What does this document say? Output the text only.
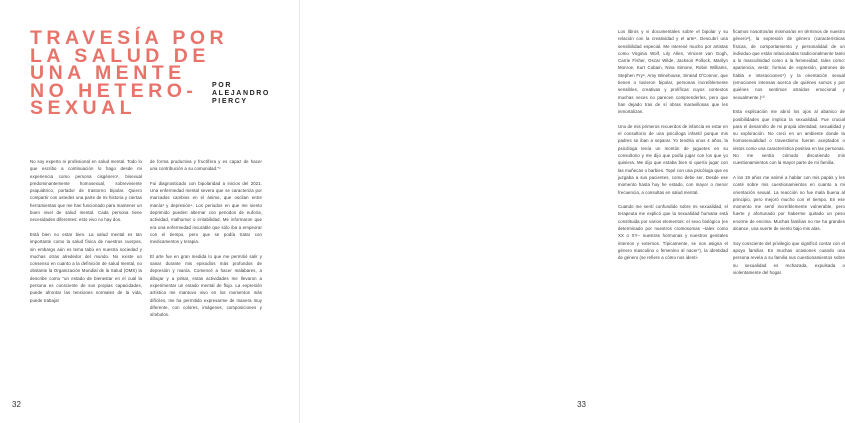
TRAVESÍA POR
LA SALUD DE
UNA MENTE
NO HETERO-
SEXUAL
POR
ALEJANDRO
PIERCY

No soy experto ni profesional en salud mental. Todo lo que escribo a continuación lo hago desde mi experiencia como persona cisgénero¹, bisexual predominantemente homosexual, sobreviviente psiquiátrico, portador de trastorno bipolar. Quiero compartir con ustedes una parte de mi historia y ciertas herramientas que me han funcionado para mantener un buen nivel de salud mental. Cada persona tiene necesidades diferentes: esto vivo no hay dos.

Está bien no estar bien. La salud mental es tan importante como la salud física de nuestros cuerpos, sin embargo aún es tema tabú en nuestra sociedad y muchas otras alrededor del mundo. No existe un consenso en cuanto a la definición de salud mental, no obstante la Organización Mundial de la Salud (OMS) la describe como "un estado de bienestar en el cual la persona es consciente de sus propias capacidades, puede afrontar las tensiones normales de la vida, puede trabajar

de forma productiva y fructífera y es capaz de hacer una contribución a su comunidad."²

Fui diagnosticado con bipolaridad a inicios del 2021. Una enfermedad mental severa que se caracteriza por marcados cambios en el ánimo, que oscilan entre manía³ y depresión⁴. Los periodos en que me siento deprimido pueden alternar con periodos de euforia, actividad, malhumor o irritabilidad. Me informaron que era una enfermedad incurable que sólo iba a empeorar con el tiempo, pero que se podía tratar con medicamentos y terapia.

El arte fue en gran medida lo que me permitió salir y sanar durante mis episodios más profundos de depresión y manía. Comencé a hacer malabares, a dibujar y a pintar, estas actividades me llevaron a experimentar un estado mental de flujo. La expresión artística me mantuvo vivo en los momentos más difíciles, me ha permitido expresarme de manera muy diferente, con colores, imágenes, composiciones y símbolos.

32

Los libros y vi documentales sobre el bipolar y su relación con la creatividad y el arte⁵. Descubrí una sensibilidad especial. Me interesé mucho por artistas como Virginia Wolf, Lily Allen, Vincent van Gogh, Carrie Fisher, Oscar Wilde, Jackson Pollock, Marilyn Monroe, Kurt Cobain, Nina Simone, Robin Williams, Stephen Fry⁶, Amy Winehouse, Sinéad O'Connor, que tienen o tuvieron bipolar, personas increíblemente sensibles, creativas y prolíficas cuyos contextos muchas veces no parecen comprenderles, pero que han dejado tras de sí obras maravillosas que les inmortalizan.

Uno de mis primeros recuerdos de infancia es estar en el consultorio de una psicóloga infantil porque mis padres se iban a separar. Yo tendría unos 4 años, la psicóloga tenía un montón de juguetes en su consultorio y me dijo que podía jugar con los que yo quisiera. Me dijo que estaba bien si quería jugar con las muñecas o barbies. Topé con una psicóloga que es juzgaba a sus pacientes, como debe ser. Desde ese momento hasta hoy he estado, con mayor o menor frecuencia, a consultas en salud mental.

Cuando me sentí confundido sobre mi sexualidad, el terapeuta me explicó que la sexualidad humana está constituida por varios elementos: el sexo biológico (es determinado por nuestros cromosomas –tales como XX o XY– nuestras hormonas y nuestros genitales internos y externos. Típicamente, se nos asigna el género masculino o femenino al nacer⁷), la identidad de género (se refiere a cómo nos identi-

ficamos nosotros/as mismos/as en términos de nuestro género⁸), la expresión de género (características físicas, de comportamiento y personalidad de un individuo que están relacionadas tradicionalmente tanto a lo masculinidad como a la femineidad, tales como: apariencia, vestir, formas de expresión, patrones de habla e interacciones⁹) y la orientación sexual (emociones intensas acerca de quiénes somos y por quiénes nos sentimos atraídos emocional y sexualmente.)¹⁰

Esta explicación me abrió los ojos al abanico de posibilidades que implica la sexualidad. Fue crucial para el desarrollo de mi propia identidad, sexualidad y su exploración. No creci en un ambiente donde la homosexualidad o travestismo fueran aceptados o vistos como una característica positiva en las personas. No me sentía cómodo discutiendo mis cuestionamientos con la mayor parte de mi familia.

A los 19 años me animé a hablar con mis papás y les conté sobre mis cuestionamientos en cuanto a mi orientación sexual. La reacción no fue mala buena al principio, pero mejoró mucho con el tiempo. En ese momento me sentí increíblemente vulnerable, pero fuerte y afortunado por haberme quitado un peso enorme de encima. Muchas familias no me ha grandes alcance, una suerte de viento bajo mis alas.

Soy consciente del privilegio que significó contar con el apoyo familiar. En muchas ocasiones cuando una persona revela a su familia sus cuestionamientos sobre su sexualidad es rechazada, expulsada o violentamente del hogar.

33
